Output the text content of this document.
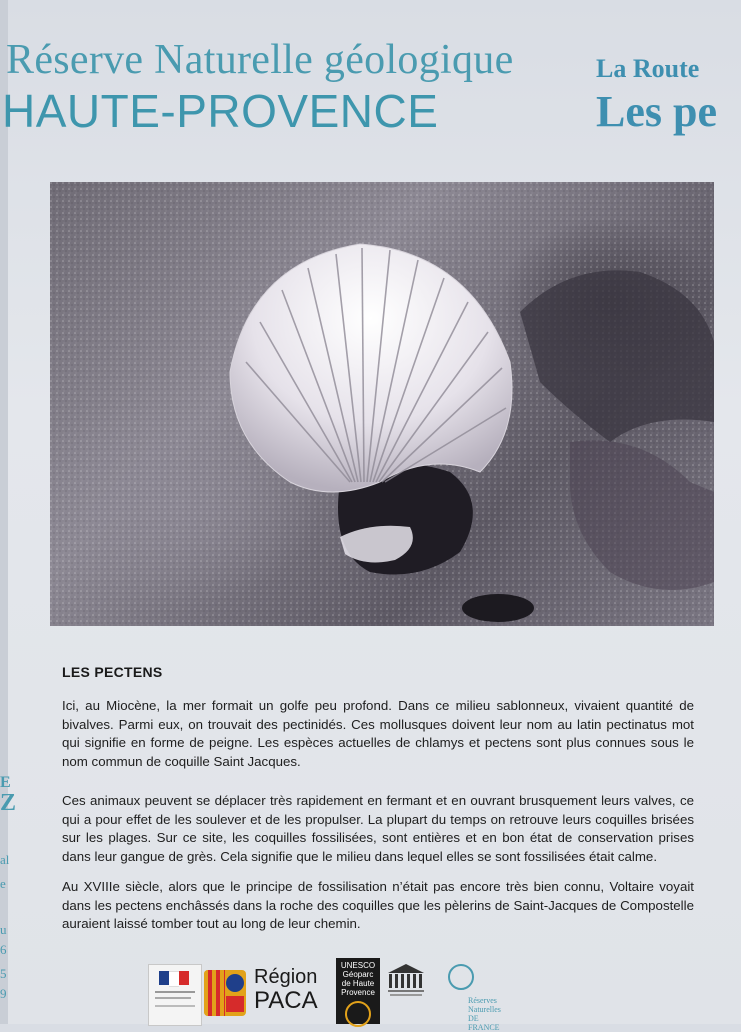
Réserve Naturelle géologique
HAUTE-PROVENCE
La Route
Les pe
E
Z
al
e
u
6
5
9
LES PECTENS

Ici, au Miocène, la mer formait un golfe peu profond. Dans ce milieu sablonneux, vivaient quantité de bivalves. Parmi eux, on trouvait des pectinidés. Ces mollusques doivent leur nom au latin pectinatus mot qui signifie en forme de peigne. Les espèces actuelles de chlamys et pectens sont plus connues sous le nom commun de coquille Saint Jacques.

Ces animaux peuvent se déplacer très rapidement en fermant et en ouvrant brusquement leurs valves, ce qui a pour effet de les soulever et de les propulser. La plupart du temps on retrouve leurs coquilles brisées sur les plages. Sur ce site, les coquilles fossilisées, sont entières et en bon état de conservation prises dans leur gangue de grès. Cela signifie que le milieu dans lequel elles se sont fossilisées était calme.

Au XVIIIe siècle, alors que le principe de fossilisation n’était pas encore très bien connu, Voltaire voyait dans les pectens enchâssés dans la roche des coquilles que les pèlerins de Saint-Jacques de Compostelle auraient laissé tomber tout au long de leur chemin.

Région
PACA
UNESCO
Géoparc
de Haute
Provence
Réserves
Naturelles
DE FRANCE
